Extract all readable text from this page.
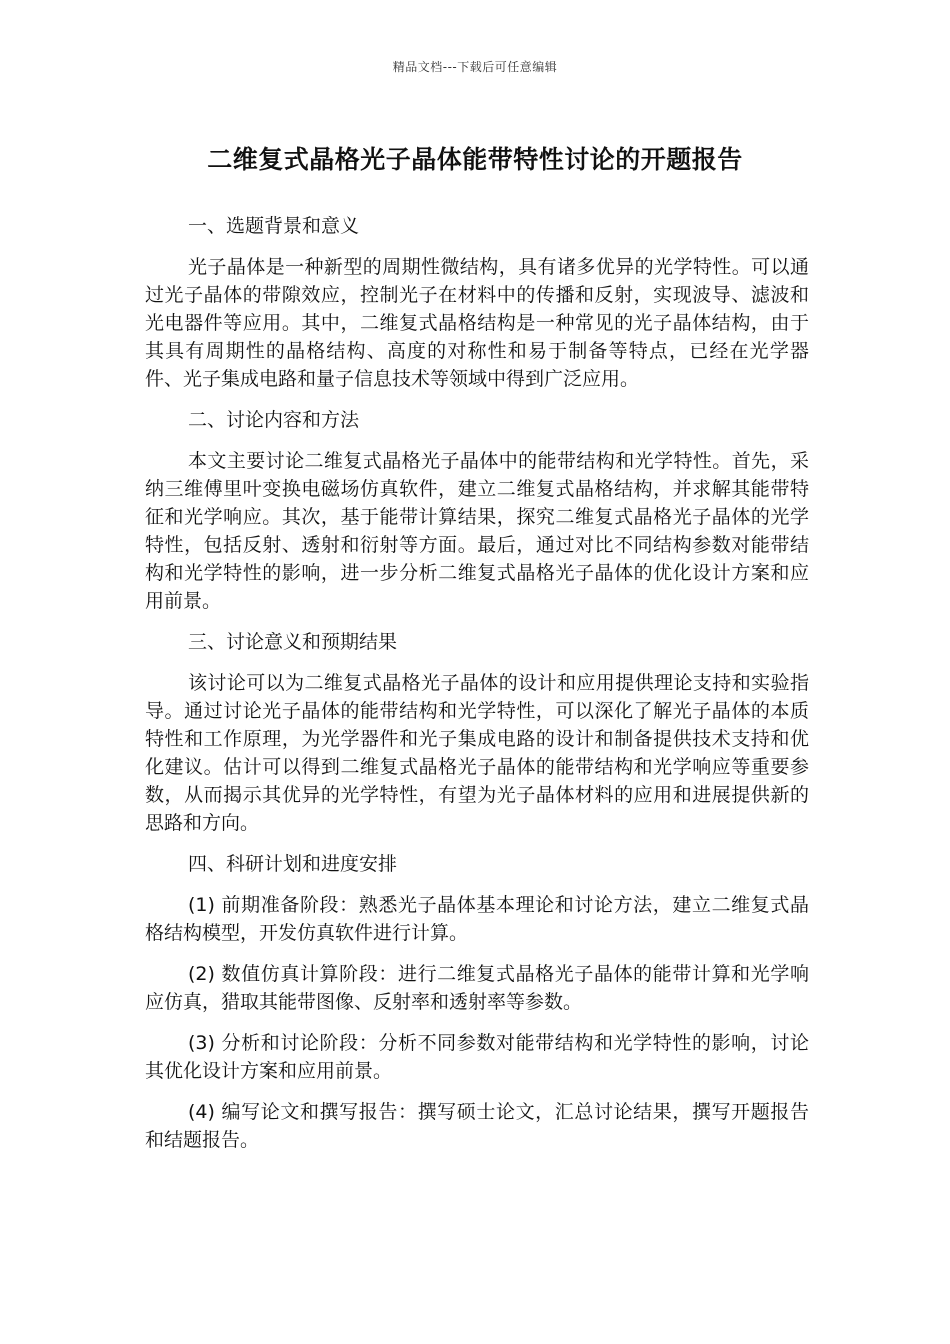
精品文档---下载后可任意编辑
二维复式晶格光子晶体能带特性讨论的开题报告

一、选题背景和意义

光子晶体是一种新型的周期性微结构，具有诸多优异的光学特性。可以通过光子晶体的带隙效应，控制光子在材料中的传播和反射，实现波导、滤波和光电器件等应用。其中，二维复式晶格结构是一种常见的光子晶体结构，由于其具有周期性的晶格结构、高度的对称性和易于制备等特点，已经在光学器件、光子集成电路和量子信息技术等领域中得到广泛应用。

二、讨论内容和方法

本文主要讨论二维复式晶格光子晶体中的能带结构和光学特性。首先，采纳三维傅里叶变换电磁场仿真软件，建立二维复式晶格结构，并求解其能带特征和光学响应。其次，基于能带计算结果，探究二维复式晶格光子晶体的光学特性，包括反射、透射和衍射等方面。最后，通过对比不同结构参数对能带结构和光学特性的影响，进一步分析二维复式晶格光子晶体的优化设计方案和应用前景。

三、讨论意义和预期结果

该讨论可以为二维复式晶格光子晶体的设计和应用提供理论支持和实验指导。通过讨论光子晶体的能带结构和光学特性，可以深化了解光子晶体的本质特性和工作原理，为光学器件和光子集成电路的设计和制备提供技术支持和优化建议。估计可以得到二维复式晶格光子晶体的能带结构和光学响应等重要参数，从而揭示其优异的光学特性，有望为光子晶体材料的应用和进展提供新的思路和方向。

四、科研计划和进度安排

(1) 前期准备阶段：熟悉光子晶体基本理论和讨论方法，建立二维复式晶格结构模型，开发仿真软件进行计算。

(2) 数值仿真计算阶段：进行二维复式晶格光子晶体的能带计算和光学响应仿真，猎取其能带图像、反射率和透射率等参数。

(3) 分析和讨论阶段：分析不同参数对能带结构和光学特性的影响，讨论其优化设计方案和应用前景。

(4) 编写论文和撰写报告：撰写硕士论文，汇总讨论结果，撰写开题报告和结题报告。
